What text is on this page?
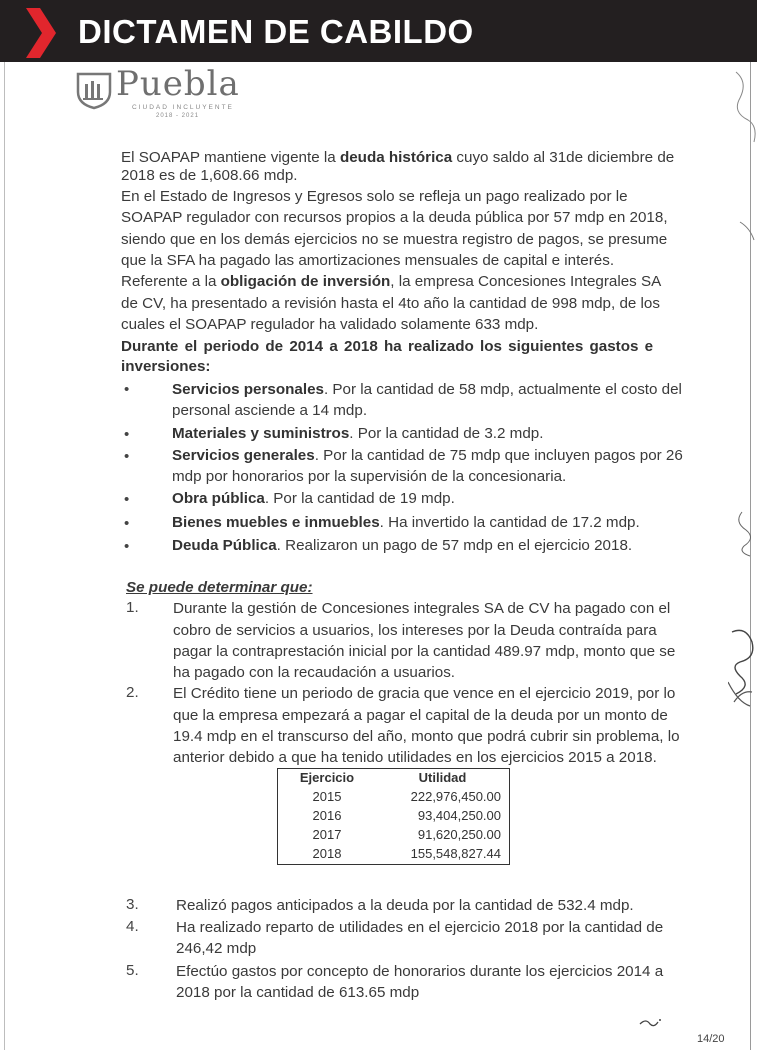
DICTAMEN DE CABILDO
Puebla
CIUDAD INCLUYENTE
2018 - 2021
El SOAPAP mantiene vigente la deuda histórica cuyo saldo al 31de diciembre de
2018 es de 1,608.66 mdp.
En el Estado de Ingresos y Egresos solo se refleja un pago realizado por le
SOAPAP regulador con recursos propios a la deuda pública por 57 mdp en 2018,
siendo que en los demás ejercicios no se muestra registro de pagos, se presume
que la SFA ha pagado las amortizaciones mensuales de capital e interés.
Referente a la obligación de inversión, la empresa Concesiones Integrales SA
de CV, ha presentado a revisión hasta el 4to año la cantidad de 998 mdp, de los
cuales el SOAPAP regulador ha validado solamente 633 mdp.
Durante el periodo de 2014 a 2018 ha realizado los siguientes gastos e
inversiones:
•	Servicios personales. Por la cantidad de 58 mdp, actualmente el costo del
personal asciende a 14 mdp.
•	Materiales y suministros. Por la cantidad de 3.2 mdp.
•	Servicios generales. Por la cantidad de 75 mdp que incluyen pagos por 26
mdp por honorarios por la supervisión de la concesionaria.
•	Obra pública. Por la cantidad de 19 mdp.
•	Bienes muebles e inmuebles. Ha invertido la cantidad de 17.2 mdp.
•	Deuda Pública. Realizaron un pago de 57 mdp en el ejercicio 2018.
Se puede determinar que:
1. Durante la gestión de Concesiones integrales SA de CV ha pagado con el
cobro de servicios a usuarios, los intereses por la Deuda contraída para
pagar la contraprestación inicial por la cantidad 489.97 mdp, monto que se
ha pagado con la recaudación a usuarios.
2. El Crédito tiene un periodo de gracia que vence en el ejercicio 2019, por lo
que la empresa empezará a pagar el capital de la deuda por un monto de
19.4 mdp en el transcurso del año, monto que podrá cubrir sin problema, lo
anterior debido a que ha tenido utilidades en los ejercicios 2015 a 2018.
Ejercicio	Utilidad
2015	222,976,450.00
2016	93,404,250.00
2017	91,620,250.00
2018	155,548,827.44
3. Realizó pagos anticipados a la deuda por la cantidad de 532.4 mdp.
4. Ha realizado reparto de utilidades en el ejercicio 2018 por la cantidad de
246,42 mdp
5. Efectúo gastos por concepto de honorarios durante los ejercicios 2014 a
2018 por la cantidad de 613.65 mdp
14/20
